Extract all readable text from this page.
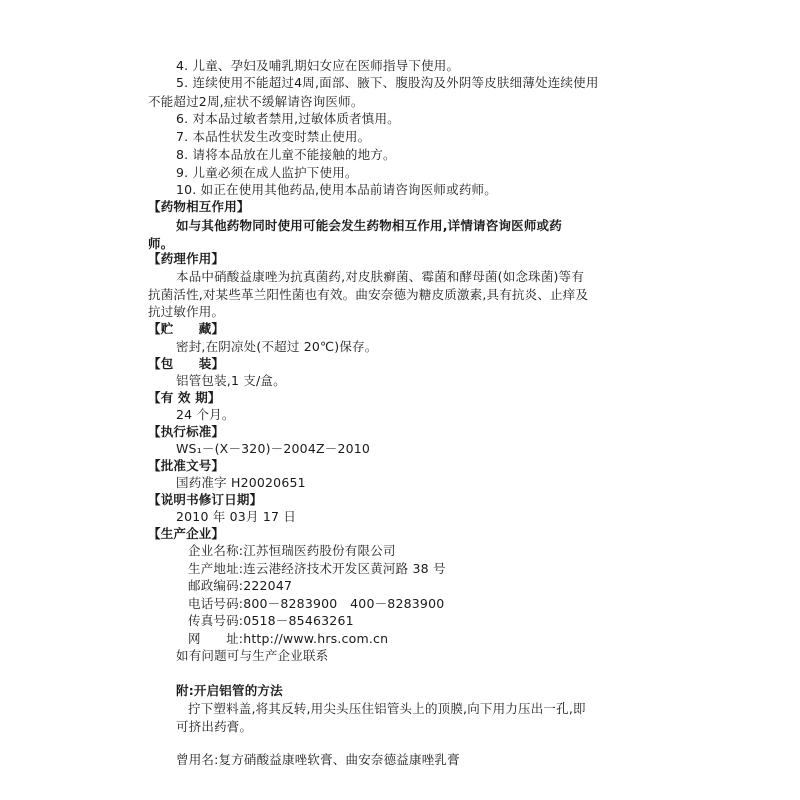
4. 儿童、孕妇及哺乳期妇女应在医师指导下使用。
5. 连续使用不能超过4周,面部、腋下、腹股沟及外阴等皮肤细薄处连续使用
不能超过2周,症状不缓解请咨询医师。
6. 对本品过敏者禁用,过敏体质者慎用。
7. 本品性状发生改变时禁止使用。
8. 请将本品放在儿童不能接触的地方。
9. 儿童必须在成人监护下使用。
10. 如正在使用其他药品,使用本品前请咨询医师或药师。
【药物相互作用】
如与其他药物同时使用可能会发生药物相互作用,详情请咨询医师或药
师。
【药理作用】
本品中硝酸益康唑为抗真菌药,对皮肤癣菌、霉菌和酵母菌(如念珠菌)等有
抗菌活性,对某些革兰阳性菌也有效。曲安奈德为糖皮质激素,具有抗炎、止痒及
抗过敏作用。
【贮　　藏】
密封,在阴凉处(不超过 20℃)保存。
【包　　装】
铝管包装,1 支/盒。
【有 效 期】
24 个月。
【执行标准】
WS₁－(X－320)－2004Z－2010
【批准文号】
国药准字 H20020651
【说明书修订日期】
2010 年 03月 17 日
【生产企业】
企业名称:江苏恒瑞医药股份有限公司
生产地址:连云港经济技术开发区黄河路 38 号
邮政编码:222047
电话号码:800－8283900　400－8283900
传真号码:0518－85463261
网　　址:http://www.hrs.com.cn
如有问题可与生产企业联系
附:开启铝管的方法
拧下塑料盖,将其反转,用尖头压住铝管头上的顶膜,向下用力压出一孔,即
可挤出药膏。
曾用名:复方硝酸益康唑软膏、曲安奈德益康唑乳膏
